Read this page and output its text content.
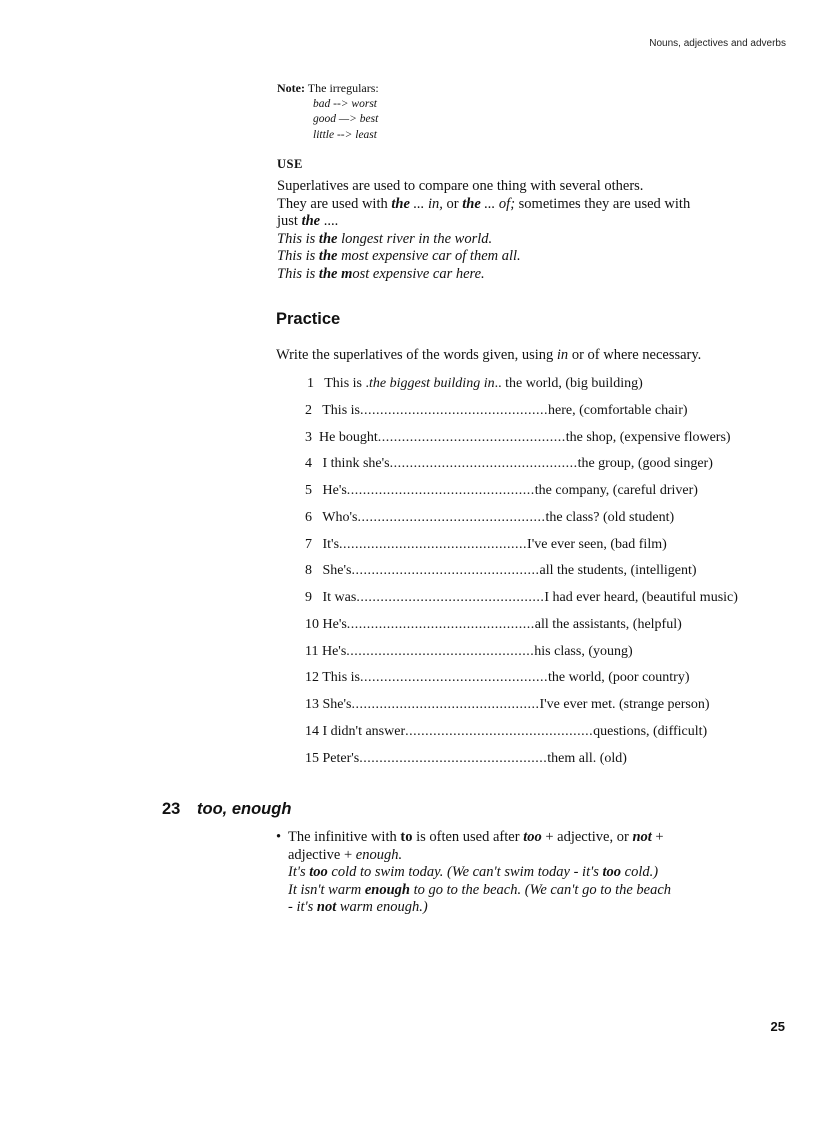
Nouns, adjectives and adverbs
Note: The irregulars:
bad --> worst
good —> best
little --> least
USE

Superlatives are used to compare one thing with several others.

They are used with the ... in, or the ... of; sometimes they are used with

just the ....

This is the longest river in the world.

This is the most expensive car of them all.

This is the most expensive car here.

Practice
Write the superlatives of the words given, using in or of where necessary.
1 This is .the biggest building in.. the world, (big building)
2 This is...............................................here, (comfortable chair)
3 He bought...............................................the shop, (expensive flowers)
4 I think she's...............................................the group, (good singer)
5 He's...............................................the company, (careful driver)
6 Who's...............................................the class? (old student)
7 It's...............................................I've ever seen, (bad film)
8 She's...............................................all the students, (intelligent)
9 It was...............................................I had ever heard, (beautiful music)
10 He's...............................................all the assistants, (helpful)
11 He's...............................................his class, (young)
12 This is...............................................the world, (poor country)
13 She's...............................................I've ever met. (strange person)
14 I didn't answer...............................................questions, (difficult)
15 Peter's...............................................them all. (old)
23 too, enough
• The infinitive with to is often used after too + adjective, or not +
adjective + enough.
It's too cold to swim today. (We can't swim today - it's too cold.)
It isn't warm enough to go to the beach. (We can't go to the beach
- it's not warm enough.)
25
